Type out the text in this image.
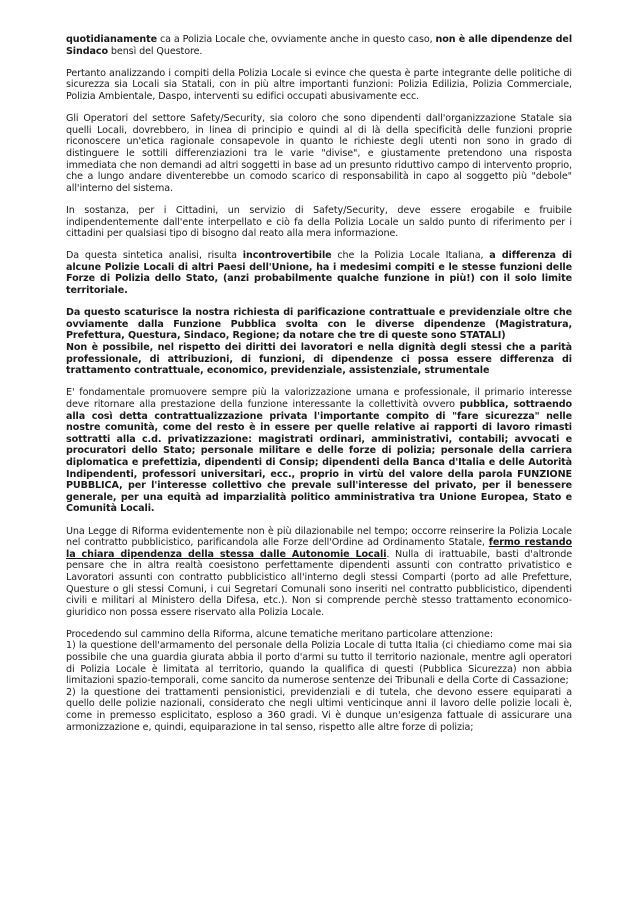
quotidianamente ca a Polizia Locale che, ovviamente anche in questo caso, non è alle dipendenze del Sindaco bensì del Questore.

Pertanto analizzando i compiti della Polizia Locale si evince che questa è parte integrante delle politiche di sicurezza sia Locali sia Statali, con in più altre importanti funzioni: Polizia Edilizia, Polizia Commerciale, Polizia Ambientale, Daspo, interventi su edifici occupati abusivamente ecc.

Gli Operatori del settore Safety/Security, sia coloro che sono dipendenti dall'organizzazione Statale sia quelli Locali, dovrebbero, in linea di principio e quindi al di là della specificità delle funzioni proprie riconoscere un'etica ragionale consapevole in quanto le richieste degli utenti non sono in grado di distinguere le sottili differenziazioni tra le varie "divise", e giustamente pretendono una risposta immediata che non demandi ad altri soggetti in base ad un presunto riduttivo campo di intervento proprio, che a lungo andare diventerebbe un comodo scarico di responsabilità in capo al soggetto più "debole" all'interno del sistema.

In sostanza, per i Cittadini, un servizio di Safety/Security, deve essere erogabile e fruibile indipendentemente dall'ente interpellato e ciò fa della Polizia Locale un saldo punto di riferimento per i cittadini per qualsiasi tipo di bisogno dal reato alla mera informazione.

Da questa sintetica analisi, risulta incontrovertibile che la Polizia Locale Italiana, a differenza di alcune Polizie Locali di altri Paesi dell'Unione, ha i medesimi compiti e le stesse funzioni delle Forze di Polizia dello Stato, (anzi probabilmente qualche funzione in più!) con il solo limite territoriale.

Da questo scaturisce la nostra richiesta di parificazione contrattuale e previdenziale oltre che ovviamente dalla Funzione Pubblica svolta con le diverse dipendenze (Magistratura, Prefettura, Questura, Sindaco, Regione; da notare che tre di queste sono STATALI)
Non è possibile, nel rispetto dei diritti dei lavoratori e nella dignità degli stessi che a parità professionale, di attribuzioni, di funzioni, di dipendenze ci possa essere differenza di trattamento contrattuale, economico, previdenziale, assistenziale, strumentale

E' fondamentale promuovere sempre più la valorizzazione umana e professionale, il primario interesse deve ritornare alla prestazione della funzione interessante la collettività ovvero pubblica, sottraendo alla così detta contrattualizzazione privata l'importante compito di "fare sicurezza" nelle nostre comunità, come del resto è in essere per quelle relative ai rapporti di lavoro rimasti sottratti alla c.d. privatizzazione: magistrati ordinari, amministrativi, contabili; avvocati e procuratori dello Stato; personale militare e delle forze di polizia; personale della carriera diplomatica e prefettizia, dipendenti di Consip; dipendenti della Banca d'Italia e delle Autorità Indipendenti, professori universitari, ecc., proprio in virtù del valore della parola FUNZIONE PUBBLICA, per l'interesse collettivo che prevale sull'interesse del privato, per il benessere generale, per una equità ad imparzialità politico amministrativa tra Unione Europea, Stato e Comunità Locali.

Una Legge di Riforma evidentemente non è più dilazionabile nel tempo; occorre reinserire la Polizia Locale nel contratto pubblicistico, parificandola alle Forze dell'Ordine ad Ordinamento Statale, fermo restando la chiara dipendenza della stessa dalle Autonomie Locali. Nulla di irattuabile, basti d'altronde pensare che in altra realtà coesistono perfettamente dipendenti assunti con contratto privatistico e Lavoratori assunti con contratto pubblicistico all'interno degli stessi Comparti (porto ad alle Prefetture, Questure o gli stessi Comuni, i cui Segretari Comunali sono inseriti nel contratto pubblicistico, dipendenti civili e militari al Ministero della Difesa, etc.). Non si comprende perchè stesso trattamento economico-giuridico non possa essere riservato alla Polizia Locale.

Procedendo sul cammino della Riforma, alcune tematiche meritano particolare attenzione:

1) la questione dell'armamento del personale della Polizia Locale di tutta Italia (ci chiediamo come mai sia possibile che una guardia giurata abbia il porto d'armi su tutto il territorio nazionale, mentre agli operatori di Polizia Locale è limitata al territorio, quando la qualifica di questi (Pubblica Sicurezza) non abbia limitazioni spazio-temporali, come sancito da numerose sentenze dei Tribunali e della Corte di Cassazione;

2) la questione dei trattamenti pensionistici, previdenziali e di tutela, che devono essere equiparati a quello delle polizie nazionali, considerato che negli ultimi venticinque anni il lavoro delle polizie locali è, come in premesso esplicitato, esploso a 360 gradi. Vi è dunque un'esigenza fattuale di assicurare una armonizzazione e, quindi, equiparazione in tal senso, rispetto alle altre forze di polizia;
